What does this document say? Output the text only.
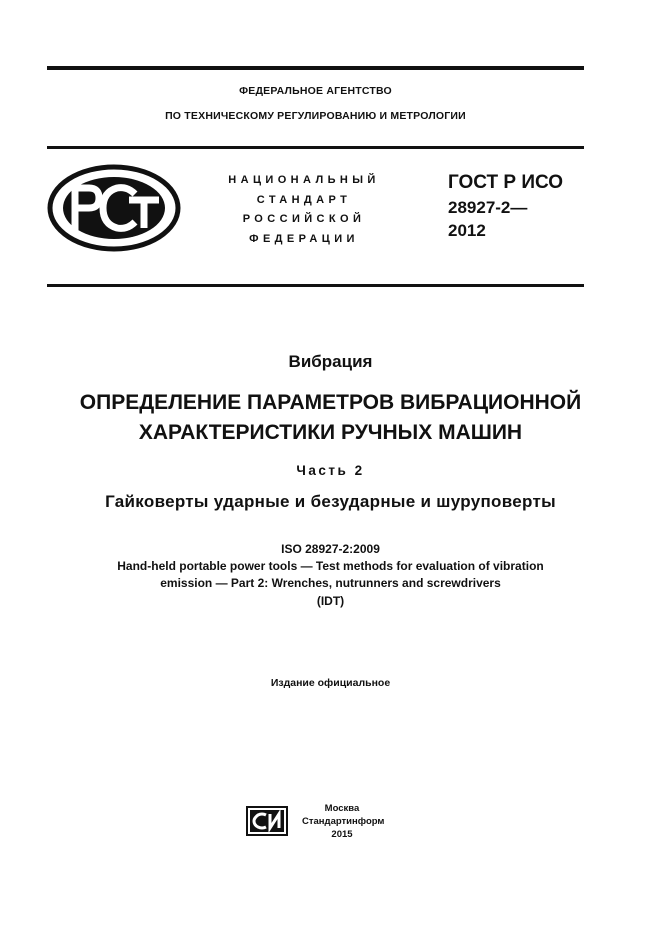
ФЕДЕРАЛЬНОЕ АГЕНТСТВО
ПО ТЕХНИЧЕСКОМУ РЕГУЛИРОВАНИЮ И МЕТРОЛОГИИ
НАЦИОНАЛЬНЫЙ
СТАНДАРТ
РОССИЙСКОЙ
ФЕДЕРАЦИИ
ГОСТ Р ИСО
28927-2—
2012
Вибрация
ОПРЕДЕЛЕНИЕ ПАРАМЕТРОВ ВИБРАЦИОННОЙ
ХАРАКТЕРИСТИКИ РУЧНЫХ МАШИН
Часть 2
Гайковерты ударные и безударные и шуруповерты
ISO 28927-2:2009
Hand-held portable power tools — Test methods for evaluation of vibration
emission — Part 2: Wrenches, nutrunners and screwdrivers
(IDT)
Издание официальное
Москва
Стандартинформ
2015
